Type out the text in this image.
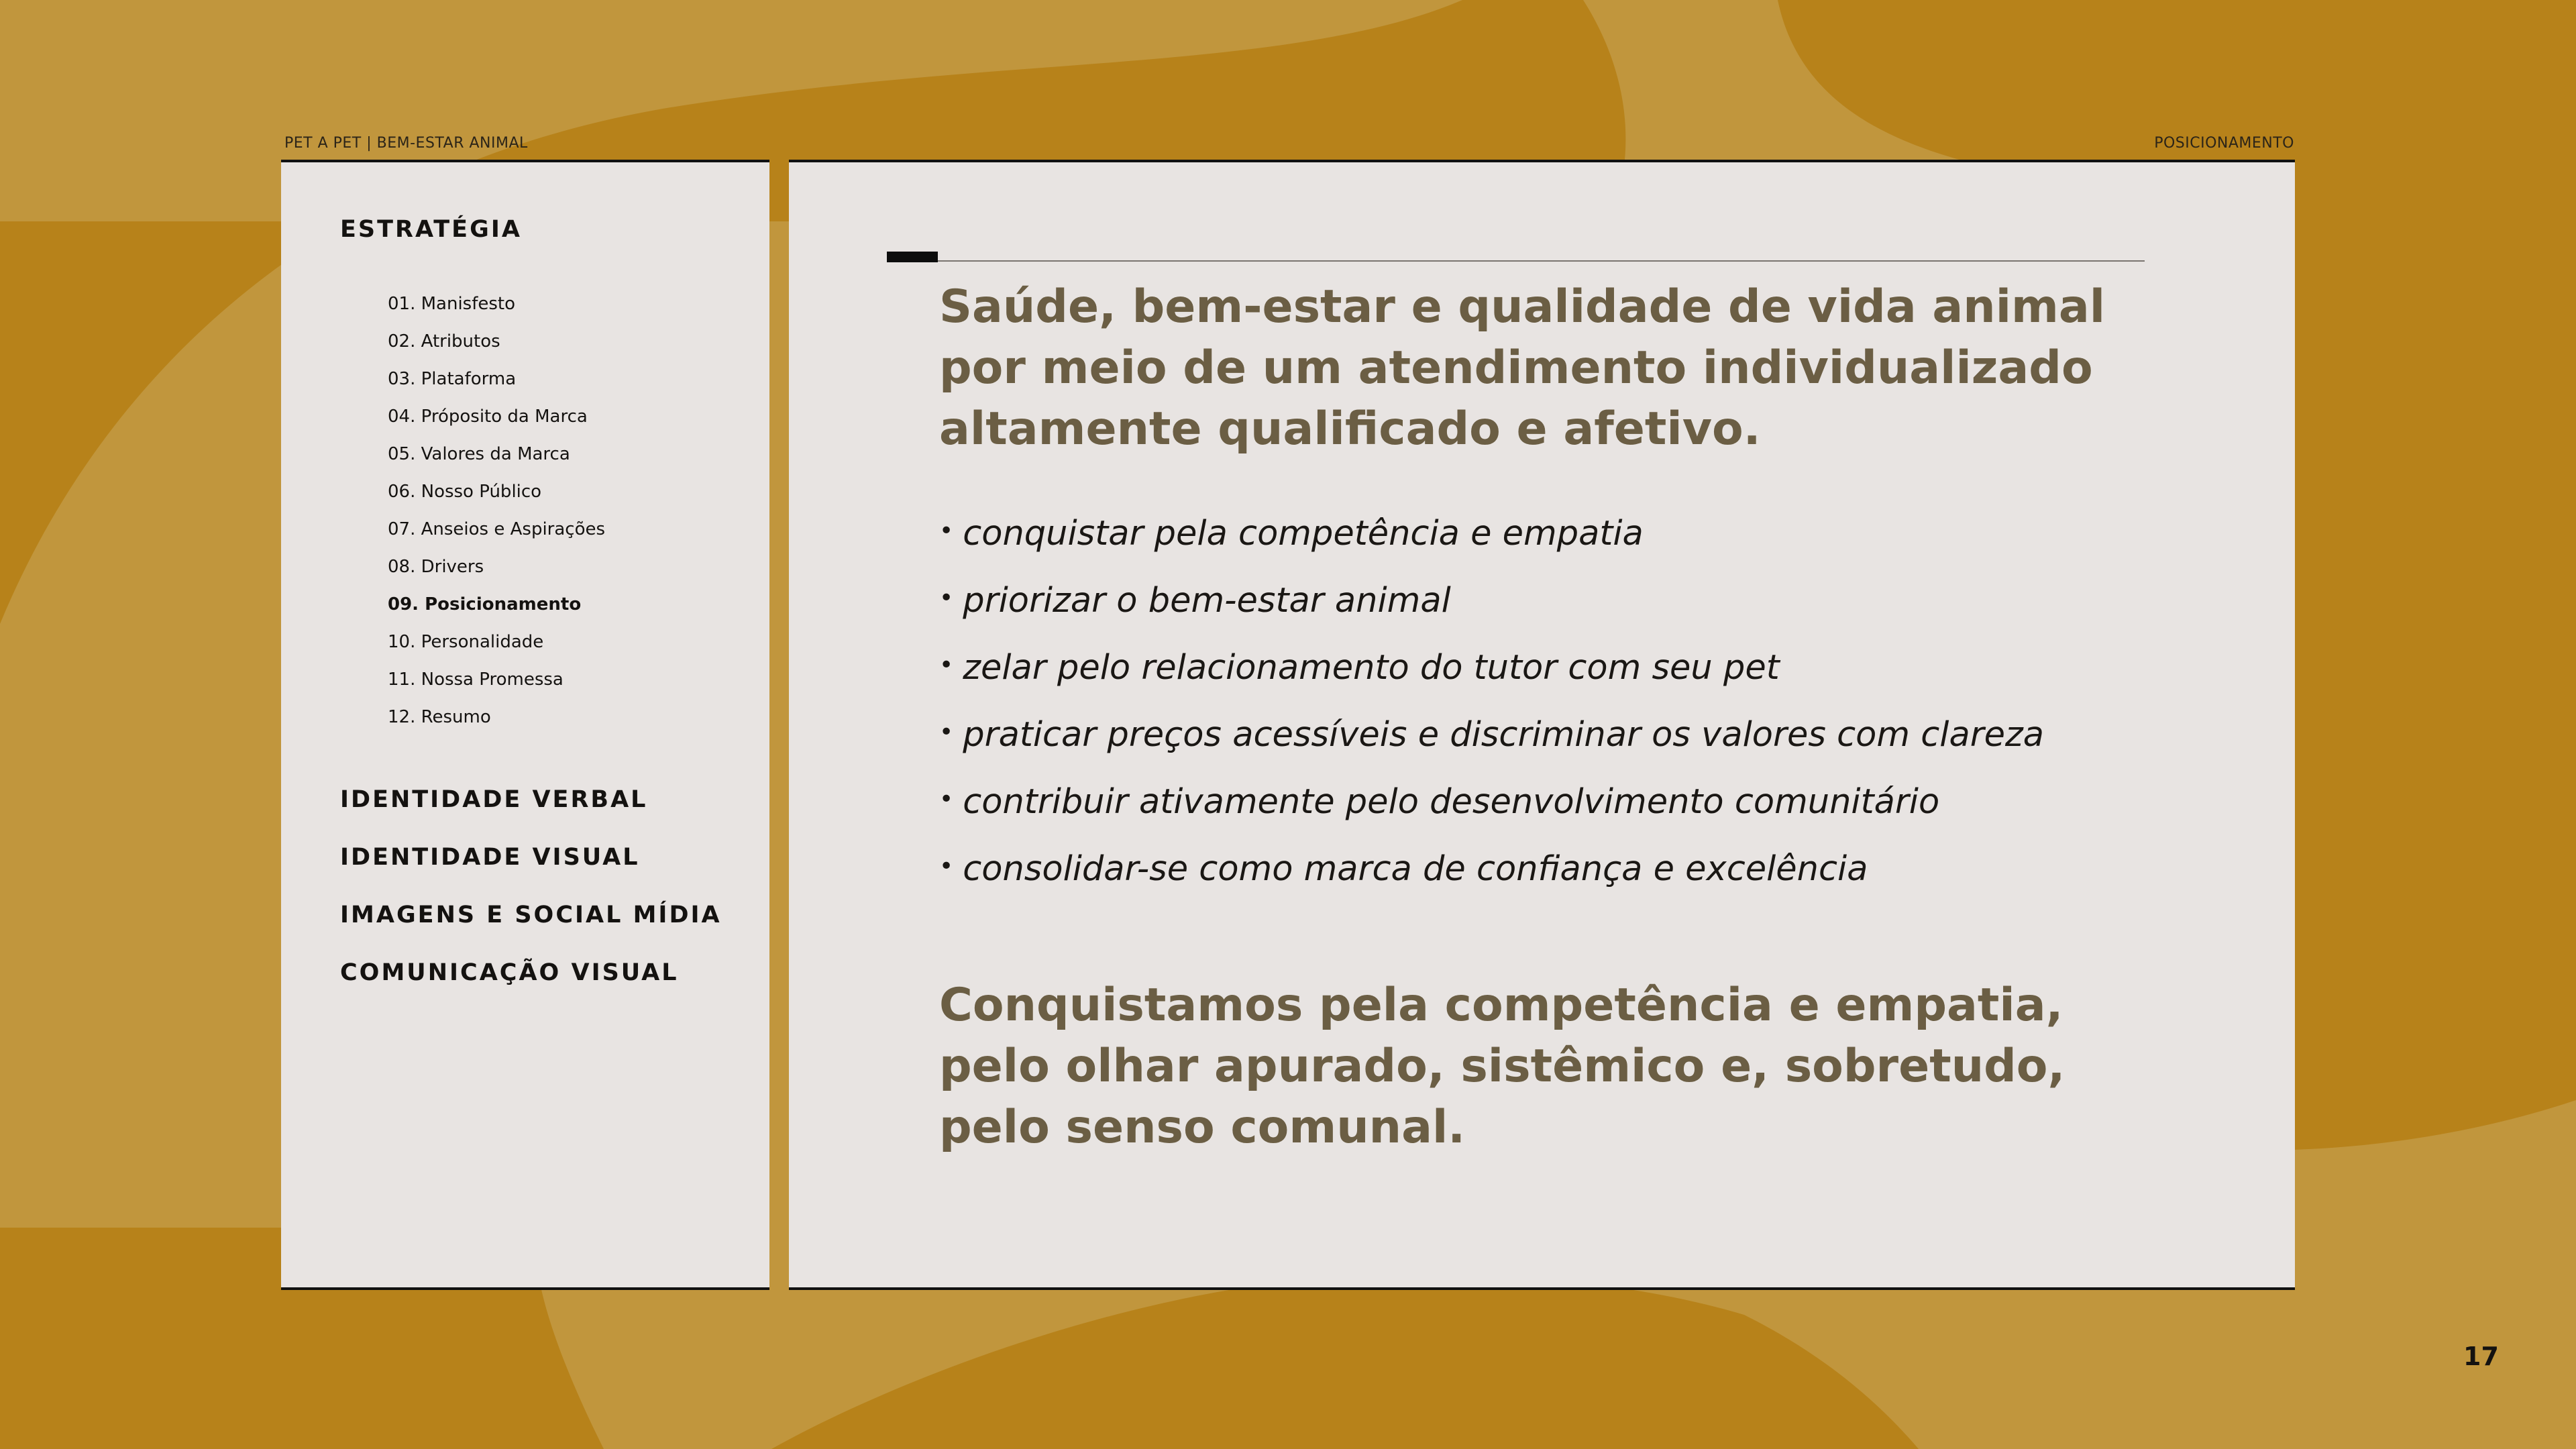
PET A PET | BEM-ESTAR ANIMAL	POSICIONAMENTO
ESTRATÉGIA
01. Manisfesto
02. Atributos
03. Plataforma
04. Próposito da Marca
05. Valores da Marca
06. Nosso Público
07. Anseios e Aspirações
08. Drivers
09. Posicionamento
10. Personalidade
11. Nossa Promessa
12. Resumo
IDENTIDADE VERBAL
IDENTIDADE VISUAL
IMAGENS E SOCIAL MÍDIA
COMUNICAÇÃO VISUAL
Saúde, bem-estar e qualidade de vida animal
por meio de um atendimento individualizado
altamente qualificado e afetivo.
• conquistar pela competência e empatia
• priorizar o bem-estar animal
• zelar pelo relacionamento do tutor com seu pet
• praticar preços acessíveis e discriminar os valores com clareza
• contribuir ativamente pelo desenvolvimento comunitário
• consolidar-se como marca de confiança e excelência
Conquistamos pela competência e empatia,
pelo olhar apurado, sistêmico e, sobretudo,
pelo senso comunal.
17
